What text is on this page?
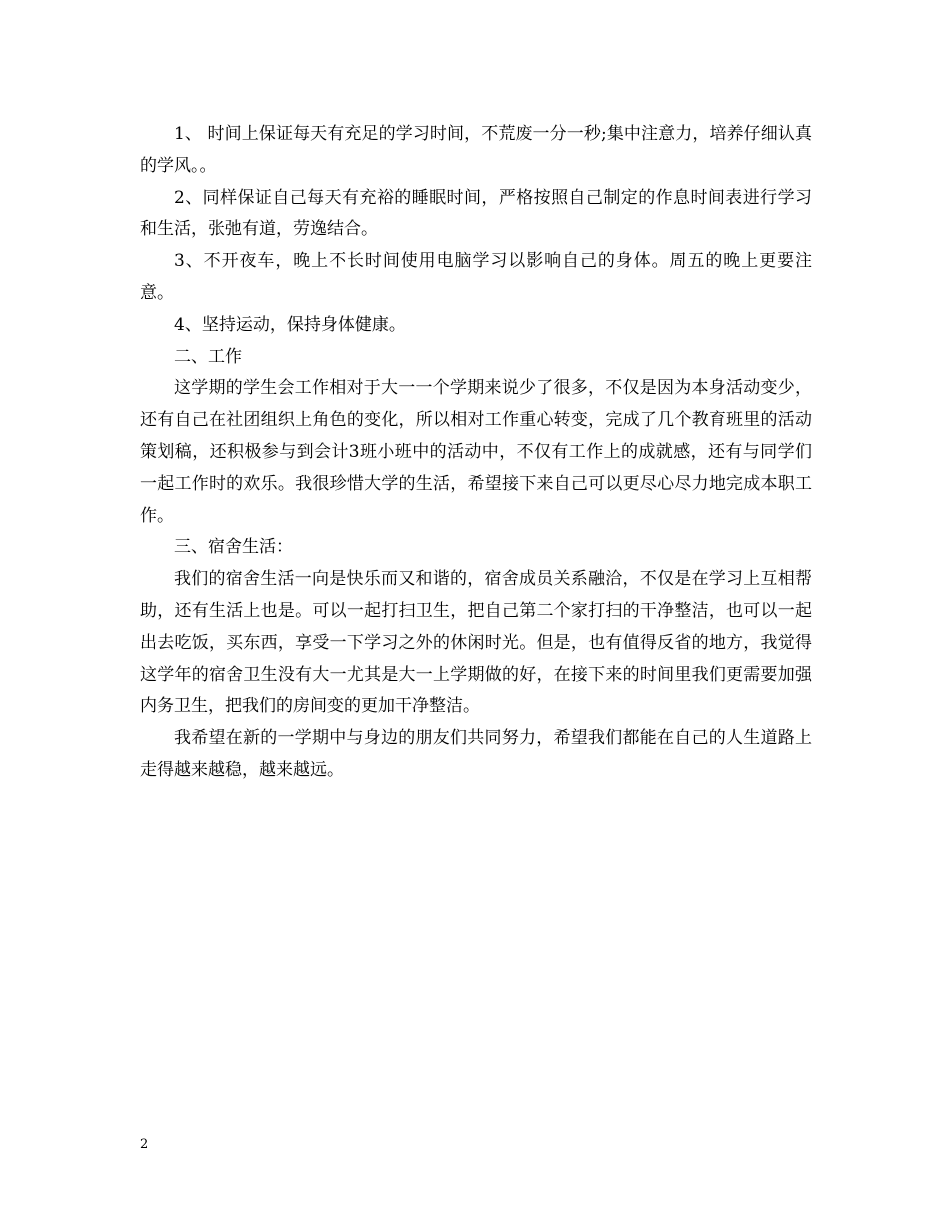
1、 时间上保证每天有充足的学习时间，不荒废一分一秒;集中注意力，培养仔细认真的学风。。

2、同样保证自己每天有充裕的睡眠时间，严格按照自己制定的作息时间表进行学习和生活，张弛有道，劳逸结合。

3、不开夜车，晚上不长时间使用电脑学习以影响自己的身体。周五的晚上更要注意。

4、坚持运动，保持身体健康。

二、工作

这学期的学生会工作相对于大一一个学期来说少了很多，不仅是因为本身活动变少，还有自己在社团组织上角色的变化，所以相对工作重心转变，完成了几个教育班里的活动策划稿，还积极参与到会计3班小班中的活动中，不仅有工作上的成就感，还有与同学们一起工作时的欢乐。我很珍惜大学的生活，希望接下来自己可以更尽心尽力地完成本职工作。

三、宿舍生活：

我们的宿舍生活一向是快乐而又和谐的，宿舍成员关系融洽，不仅是在学习上互相帮助，还有生活上也是。可以一起打扫卫生，把自己第二个家打扫的干净整洁，也可以一起出去吃饭，买东西，享受一下学习之外的休闲时光。但是，也有值得反省的地方，我觉得这学年的宿舍卫生没有大一尤其是大一上学期做的好，在接下来的时间里我们更需要加强内务卫生，把我们的房间变的更加干净整洁。

我希望在新的一学期中与身边的朋友们共同努力，希望我们都能在自己的人生道路上走得越来越稳，越来越远。

2
